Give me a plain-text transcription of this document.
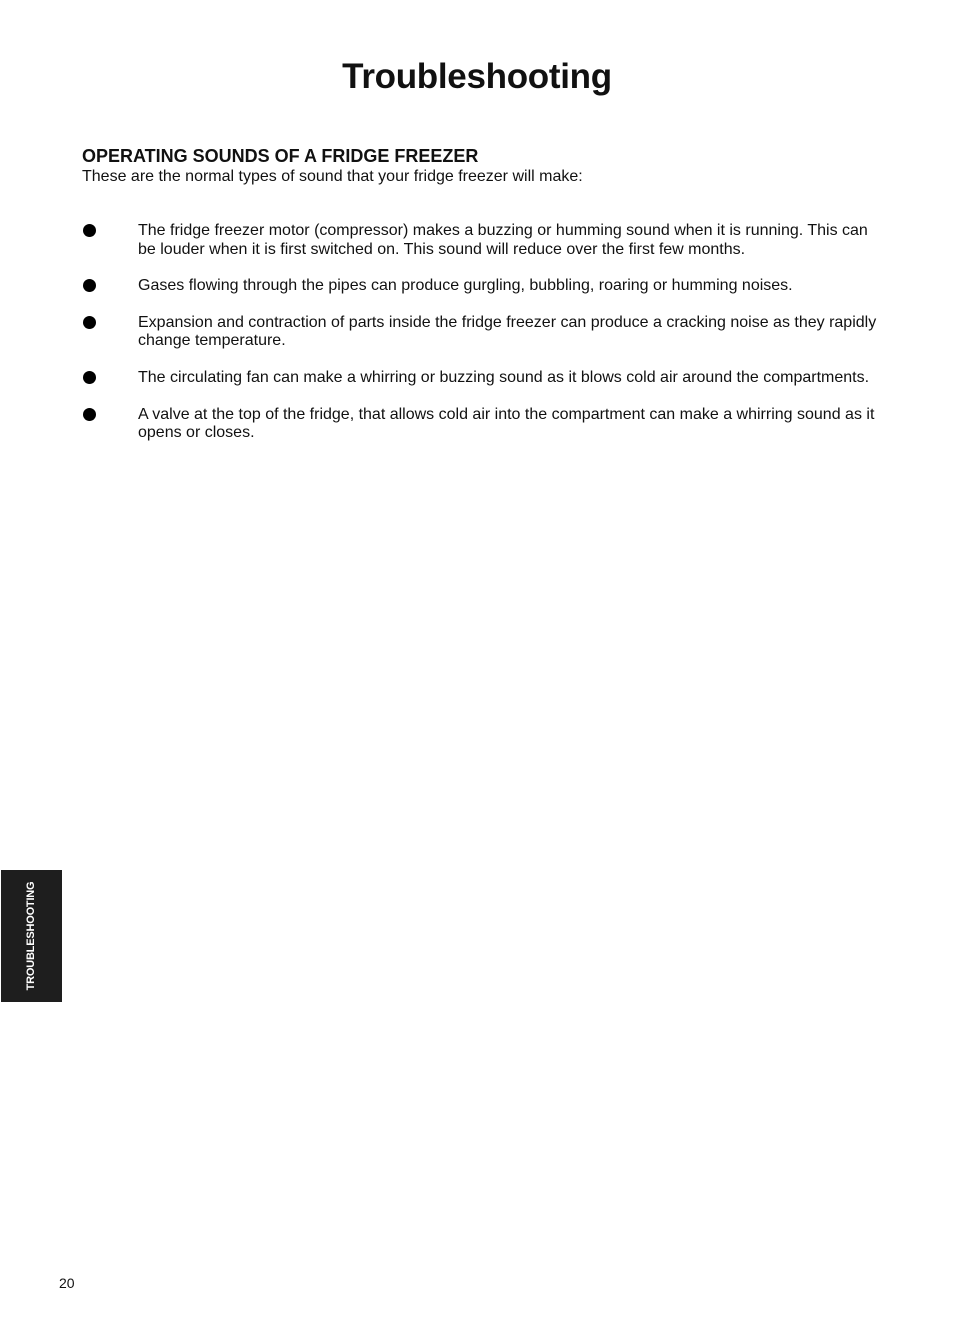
Troubleshooting
OPERATING SOUNDS OF A FRIDGE FREEZER

These are the normal types of sound that your fridge freezer will make:

The fridge freezer motor (compressor) makes a buzzing or humming sound when it is running. This can be louder when it is first switched on. This sound will reduce over the first few months.
Gases flowing through the pipes can produce gurgling, bubbling, roaring or humming noises.
Expansion and contraction of parts inside the fridge freezer can produce a cracking noise as they rapidly change temperature.
The circulating fan can make a whirring or buzzing sound as it blows cold air around the compartments.
A valve at the top of the fridge, that allows cold air into the compartment can make a whirring sound as it opens or closes.
TROUBLESHOOTING
20
